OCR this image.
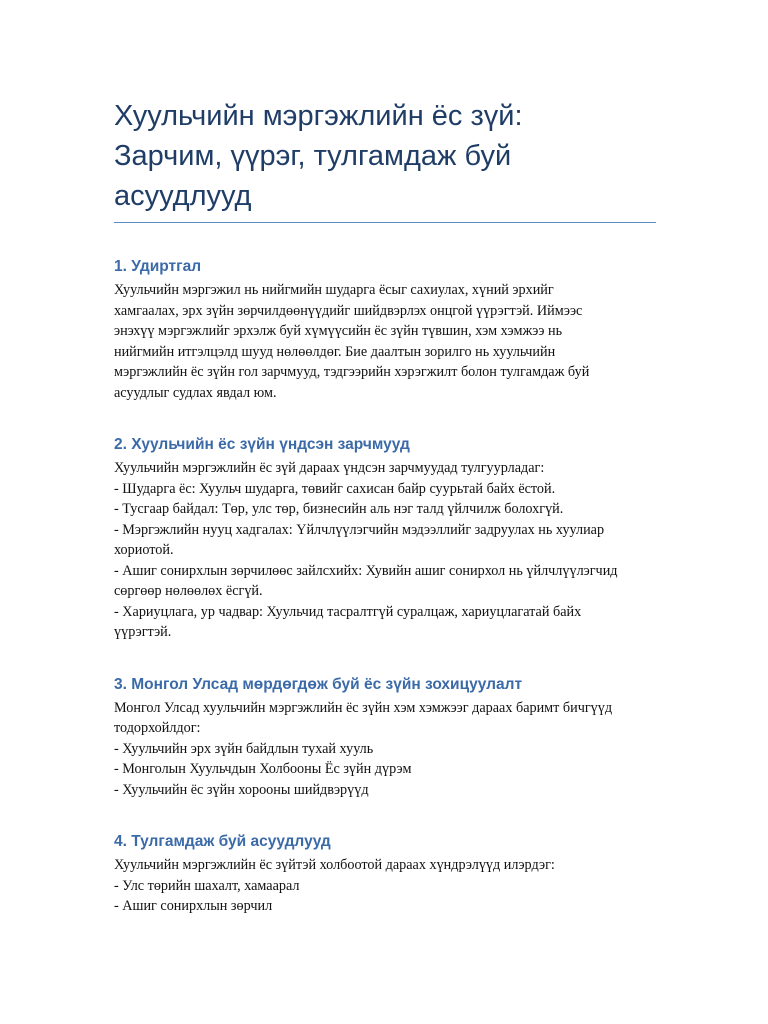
Хуульчийн мэргэжлийн ёс зүй:
Зарчим, үүрэг, тулгамдаж буй
асуудлууд
1. Удиртгал

Хуульчийн мэргэжил нь нийгмийн шударга ёсыг сахиулах, хүний эрхийг
хамгаалах, эрх зүйн зөрчилдөөнүүдийг шийдвэрлэх онцгой үүрэгтэй. Иймээс
энэхүү мэргэжлийг эрхэлж буй хүмүүсийн ёс зүйн түвшин, хэм хэмжээ нь
нийгмийн итгэлцэлд шууд нөлөөлдөг. Бие даалтын зорилго нь хуульчийн
мэргэжлийн ёс зүйн гол зарчмууд, тэдгээрийн хэрэгжилт болон тулгамдаж буй
асуудлыг судлах явдал юм.

2. Хуульчийн ёс зүйн үндсэн зарчмууд

Хуульчийн мэргэжлийн ёс зүй дараах үндсэн зарчмуудад тулгуурладаг:
- Шударга ёс: Хуульч шударга, төвийг сахисан байр суурьтай байх ёстой.
- Тусгаар байдал: Төр, улс төр, бизнесийн аль нэг талд үйлчилж болохгүй.
- Мэргэжлийн нууц хадгалах: Үйлчлүүлэгчийн мэдээллийг задруулах нь хуулиар
хориотой.
- Ашиг сонирхлын зөрчилөөс зайлсхийх: Хувийн ашиг сонирхол нь үйлчлүүлэгчид
сөргөөр нөлөөлөх ёсгүй.
- Хариуцлага, ур чадвар: Хуульчид тасралтгүй суралцаж, хариуцлагатай байх
үүрэгтэй.

3. Монгол Улсад мөрдөгдөж буй ёс зүйн зохицуулалт

Монгол Улсад хуульчийн мэргэжлийн ёс зүйн хэм хэмжээг дараах баримт бичгүүд
тодорхойлдог:
- Хуульчийн эрх зүйн байдлын тухай хууль
- Монголын Хуульчдын Холбооны Ёс зүйн дүрэм
- Хуульчийн ёс зүйн хорооны шийдвэрүүд

4. Тулгамдаж буй асуудлууд

Хуульчийн мэргэжлийн ёс зүйтэй холбоотой дараах хүндрэлүүд илэрдэг:
- Улс төрийн шахалт, хамаарал
- Ашиг сонирхлын зөрчил
